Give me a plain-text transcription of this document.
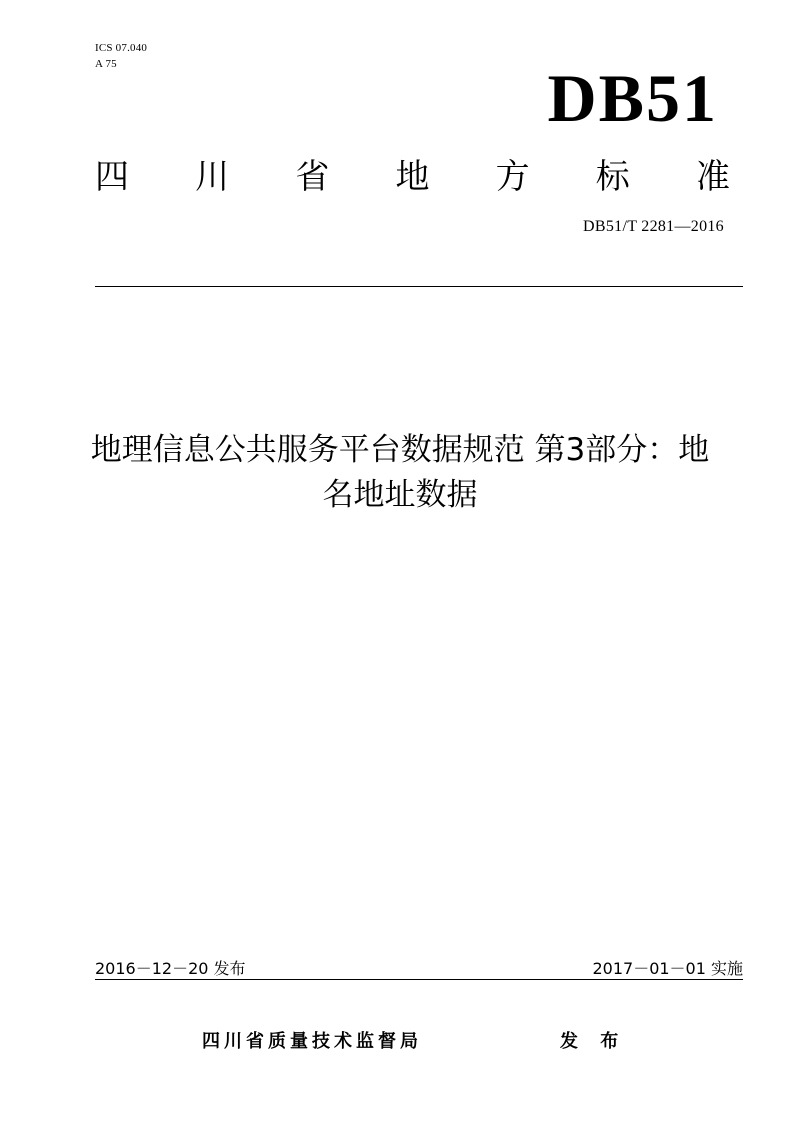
ICS 07.040
A 75	DB51
四 川 省 地 方 标 准
DB51/T 2281—2016
地理信息公共服务平台数据规范 第3部分：地名地址数据
2016－12－20 发布	2017－01－01 实施
四川省质量技术监督局	发 布
